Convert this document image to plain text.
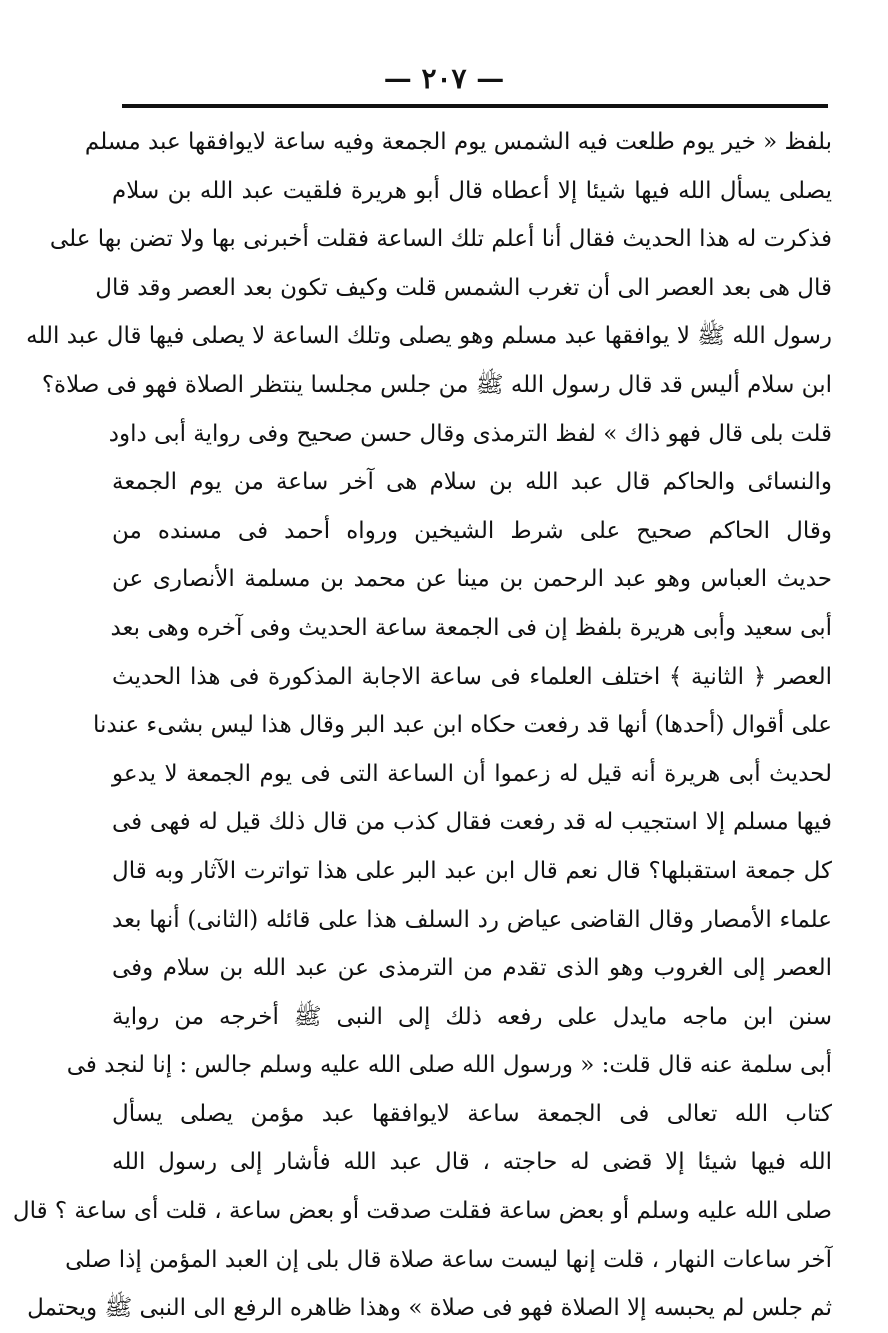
— ٢٠٧ —
بلفظ « خير يوم طلعت فيه الشمس يوم الجمعة وفيه ساعة لايوافقها عبد مسلم
يصلى يسأل الله فيها شيئا إلا أعطاه قال أبو هريرة فلقيت عبد الله بن سلام
فذكرت له هذا الحديث فقال أنا أعلم تلك الساعة فقلت أخبرنى بها ولا تضن بها على
قال هى بعد العصر الى أن تغرب الشمس قلت وكيف تكون بعد العصر وقد قال
رسول الله ﷺ لا يوافقها عبد مسلم وهو يصلى وتلك الساعة لا يصلى فيها قال عبد الله
ابن سلام أليس قد قال رسول الله ﷺ من جلس مجلسا ينتظر الصلاة فهو فى صلاة؟
قلت بلى قال فهو ذاك » لفظ الترمذى وقال حسن صحيح وفى رواية أبى داود
والنسائى والحاكم قال عبد الله بن سلام هى آخر ساعة من يوم الجمعة
وقال الحاكم صحيح على شرط الشيخين ورواه أحمد فى مسنده من
حديث العباس وهو عبد الرحمن بن مينا عن محمد بن مسلمة الأنصارى عن
أبى سعيد وأبى هريرة بلفظ إن فى الجمعة ساعة الحديث وفى آخره وهى بعد
العصر ﴿ الثانية ﴾ اختلف العلماء فى ساعة الاجابة المذكورة فى هذا الحديث
على أقوال (أحدها) أنها قد رفعت حكاه ابن عبد البر وقال هذا ليس بشىء عندنا
لحديث أبى هريرة أنه قيل له زعموا أن الساعة التى فى يوم الجمعة لا يدعو
فيها مسلم إلا استجيب له قد رفعت فقال كذب من قال ذلك قيل له فهى فى
كل جمعة استقبلها؟ قال نعم قال ابن عبد البر على هذا تواترت الآثار وبه قال
علماء الأمصار وقال القاضى عياض رد السلف هذا على قائله (الثانى) أنها بعد
العصر إلى الغروب وهو الذى تقدم من الترمذى عن عبد الله بن سلام وفى
سنن ابن ماجه مايدل على رفعه ذلك إلى النبى ﷺ أخرجه من رواية
أبى سلمة عنه قال قلت: « ورسول الله صلى الله عليه وسلم جالس : إنا لنجد فى
كتاب الله تعالى فى الجمعة ساعة لايوافقها عبد مؤمن يصلى يسأل
الله فيها شيئا إلا قضى له حاجته ، قال عبد الله فأشار إلى رسول الله
صلى الله عليه وسلم أو بعض ساعة فقلت صدقت أو بعض ساعة ، قلت أى ساعة ؟ قال
آخر ساعات النهار ، قلت إنها ليست ساعة صلاة قال بلى إن العبد المؤمن إذا صلى
ثم جلس لم يحبسه إلا الصلاة فهو فى صلاة » وهذا ظاهره الرفع الى النبى ﷺ ويحتمل
